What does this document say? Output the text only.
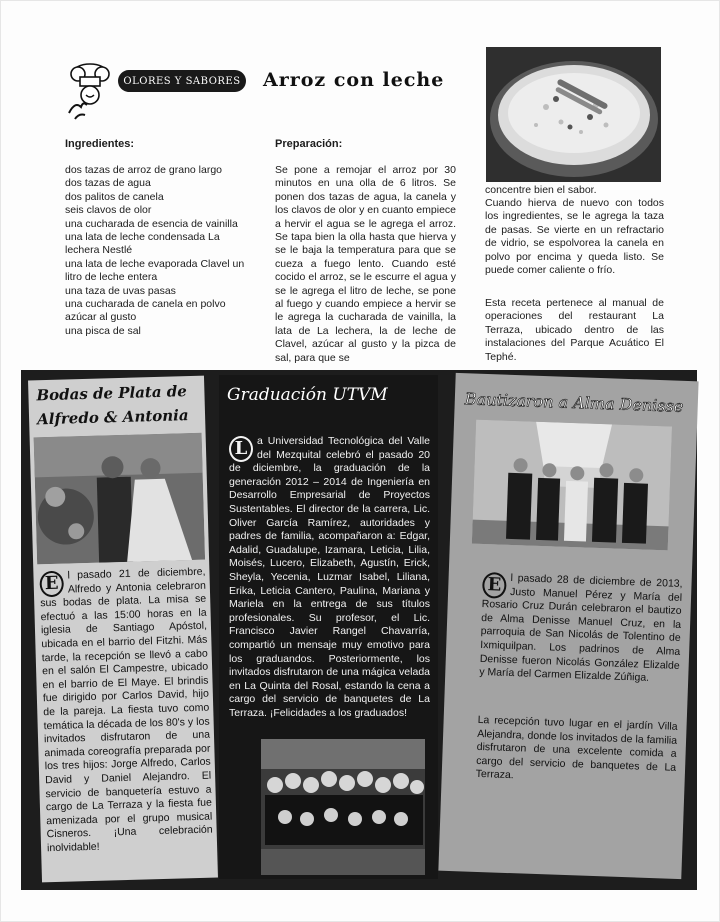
OLORES Y SABORES Arroz con leche
Ingredientes:
dos tazas de arroz de grano largo
dos tazas de agua
dos palitos de canela
seis clavos de olor
una cucharada de esencia de vainilla
una lata de leche condensada La lechera Nestlé
una lata de leche evaporada Clavel un litro de leche entera
una taza de uvas pasas
una cucharada de canela en polvo azúcar al gusto
una pisca de sal
Preparación:
Se pone a remojar el arroz por 30 minutos en una olla de 6 litros. Se ponen dos tazas de agua, la canela y los clavos de olor y en cuanto empiece a hervir el agua se le agrega el arroz. Se tapa bien la olla hasta que hierva y se le baja la temperatura para que se cueza a fuego lento. Cuando esté cocido el arroz, se le escurre el agua y se le agrega el litro de leche, se pone al fuego y cuando empiece a hervir se le agrega la cucharada de vainilla, la lata de La lechera, la de leche de Clavel, azúcar al gusto y la pizca de sal, para que se
concentre bien el sabor.
Cuando hierva de nuevo con todos los ingredientes, se le agrega la taza de pasas. Se vierte en un refractario de vidrio, se espolvorea la canela en polvo por encima y queda listo. Se puede comer caliente o frío.
Esta receta pertenece al manual de operaciones del restaurant La Terraza, ubicado dentro de las instalaciones del Parque Acuático El Tephé.
Bodas de Plata de
Alfredo & Antonia
E l pasado 21 de diciembre, Alfredo y Antonia celebraron sus bodas de plata. La misa se efectuó a las 15:00 horas en la iglesia de Santiago Apóstol, ubicada en el barrio del Fitzhi. Más tarde, la recepción se llevó a cabo en el salón El Campestre, ubicado en el barrio de El Maye. El brindis fue dirigido por Carlos David, hijo de la pareja. La fiesta tuvo como temática la década de los 80's y los invitados disfrutaron de una animada coreografía preparada por los tres hijos: Jorge Alfredo, Carlos David y Daniel Alejandro. El servicio de banquetería estuvo a cargo de La Terraza y la fiesta fue amenizada por el grupo musical Cisneros. ¡Una celebración inolvidable!
Graduación UTVM
L a Universidad Tecnológica del Valle del Mezquital celebró el pasado 20 de diciembre, la graduación de la generación 2012 – 2014 de Ingeniería en Desarrollo Empresarial de Proyectos Sustentables. El director de la carrera, Lic. Oliver García Ramírez, autoridades y padres de familia, acompañaron a: Edgar, Adalid, Guadalupe, Izamara, Leticia, Lilia, Moisés, Lucero, Elizabeth, Agustín, Erick, Sheyla, Yecenia, Luzmar Isabel, Liliana, Erika, Leticia Cantero, Paulina, Mariana y Mariela en la entrega de sus títulos profesionales. Su profesor, el Lic. Francisco Javier Rangel Chavarría, compartió un mensaje muy emotivo para los graduandos. Posteriormente, los invitados disfrutaron de una mágica velada en La Quinta del Rosal, estando la cena a cargo del servicio de banquetes de La Terraza. ¡Felicidades a los graduados!
Bautizaron a Alma Denisse
E l pasado 28 de diciembre de 2013, Justo Manuel Pérez y María del Rosario Cruz Durán celebraron el bautizo de Alma Denisse Manuel Cruz, en la parroquia de San Nicolás de Tolentino de Ixmiquilpan. Los padrinos de Alma Denisse fueron Nicolás González Elizalde y María del Carmen Elizalde Zúñiga.
La recepción tuvo lugar en el jardín Villa Alejandra, donde los invitados de la familia disfrutaron de una excelente comida a cargo del servicio de banquetes de La Terraza.
